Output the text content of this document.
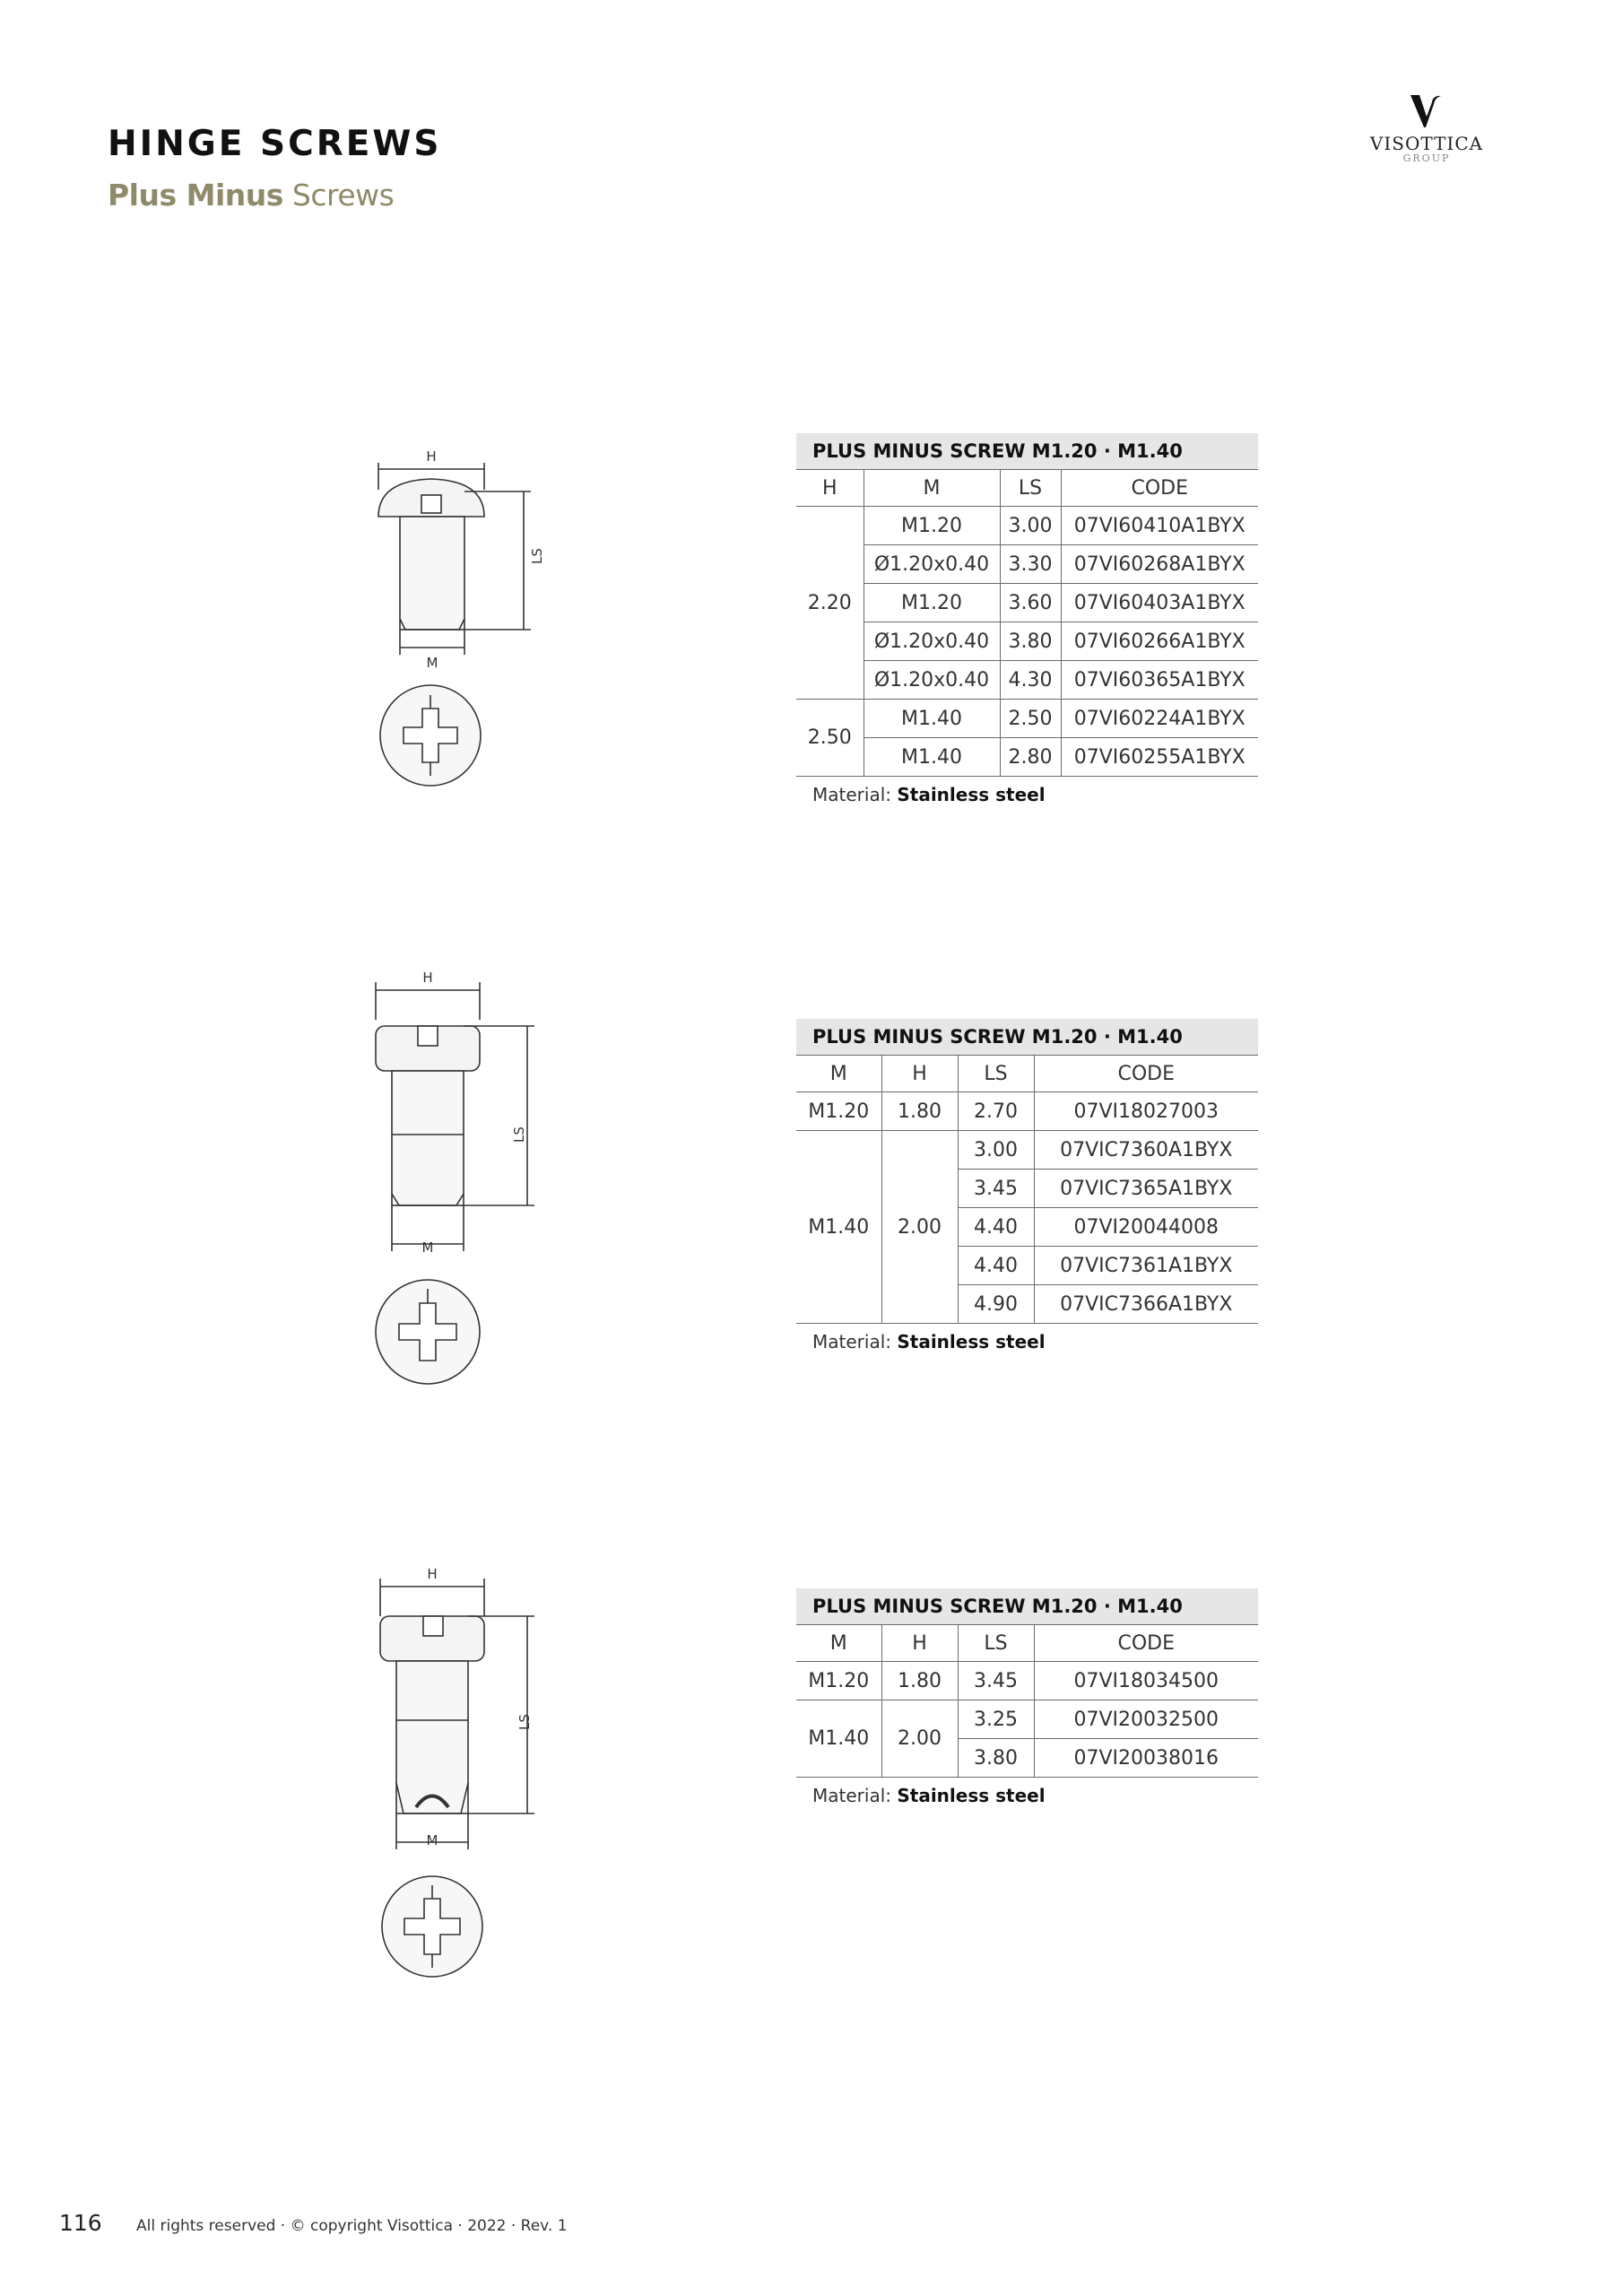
HINGE SCREWS

Plus Minus Screws

VISOTTICA
GROUP
H
LS
M
H
LS
M
H
LS
M
PLUS MINUS SCREW M1.20 · M1.40			
H	M	LS	CODE
2.20	M1.20	3.00	07VI60410A1BYX
	Ø1.20x0.40	3.30	07VI60268A1BYX
	M1.20	3.60	07VI60403A1BYX
	Ø1.20x0.40	3.80	07VI60266A1BYX
	Ø1.20x0.40	4.30	07VI60365A1BYX
2.50	M1.40	2.50	07VI60224A1BYX
	M1.40	2.80	07VI60255A1BYX
Material: Stainless steel
PLUS MINUS SCREW M1.20 · M1.40			
M	H	LS	CODE
M1.20	1.80	2.70	07VI18027003
M1.40	2.00	3.00	07VIC7360A1BYX
		3.45	07VIC7365A1BYX
		4.40	07VI20044008
		4.40	07VIC7361A1BYX
		4.90	07VIC7366A1BYX
Material: Stainless steel
PLUS MINUS SCREW M1.20 · M1.40			
M	H	LS	CODE
M1.20	1.80	3.45	07VI18034500
M1.40	2.00	3.25	07VI20032500
		3.80	07VI20038016
Material: Stainless steel
116 All rights reserved · © copyright Visottica · 2022 · Rev. 1
